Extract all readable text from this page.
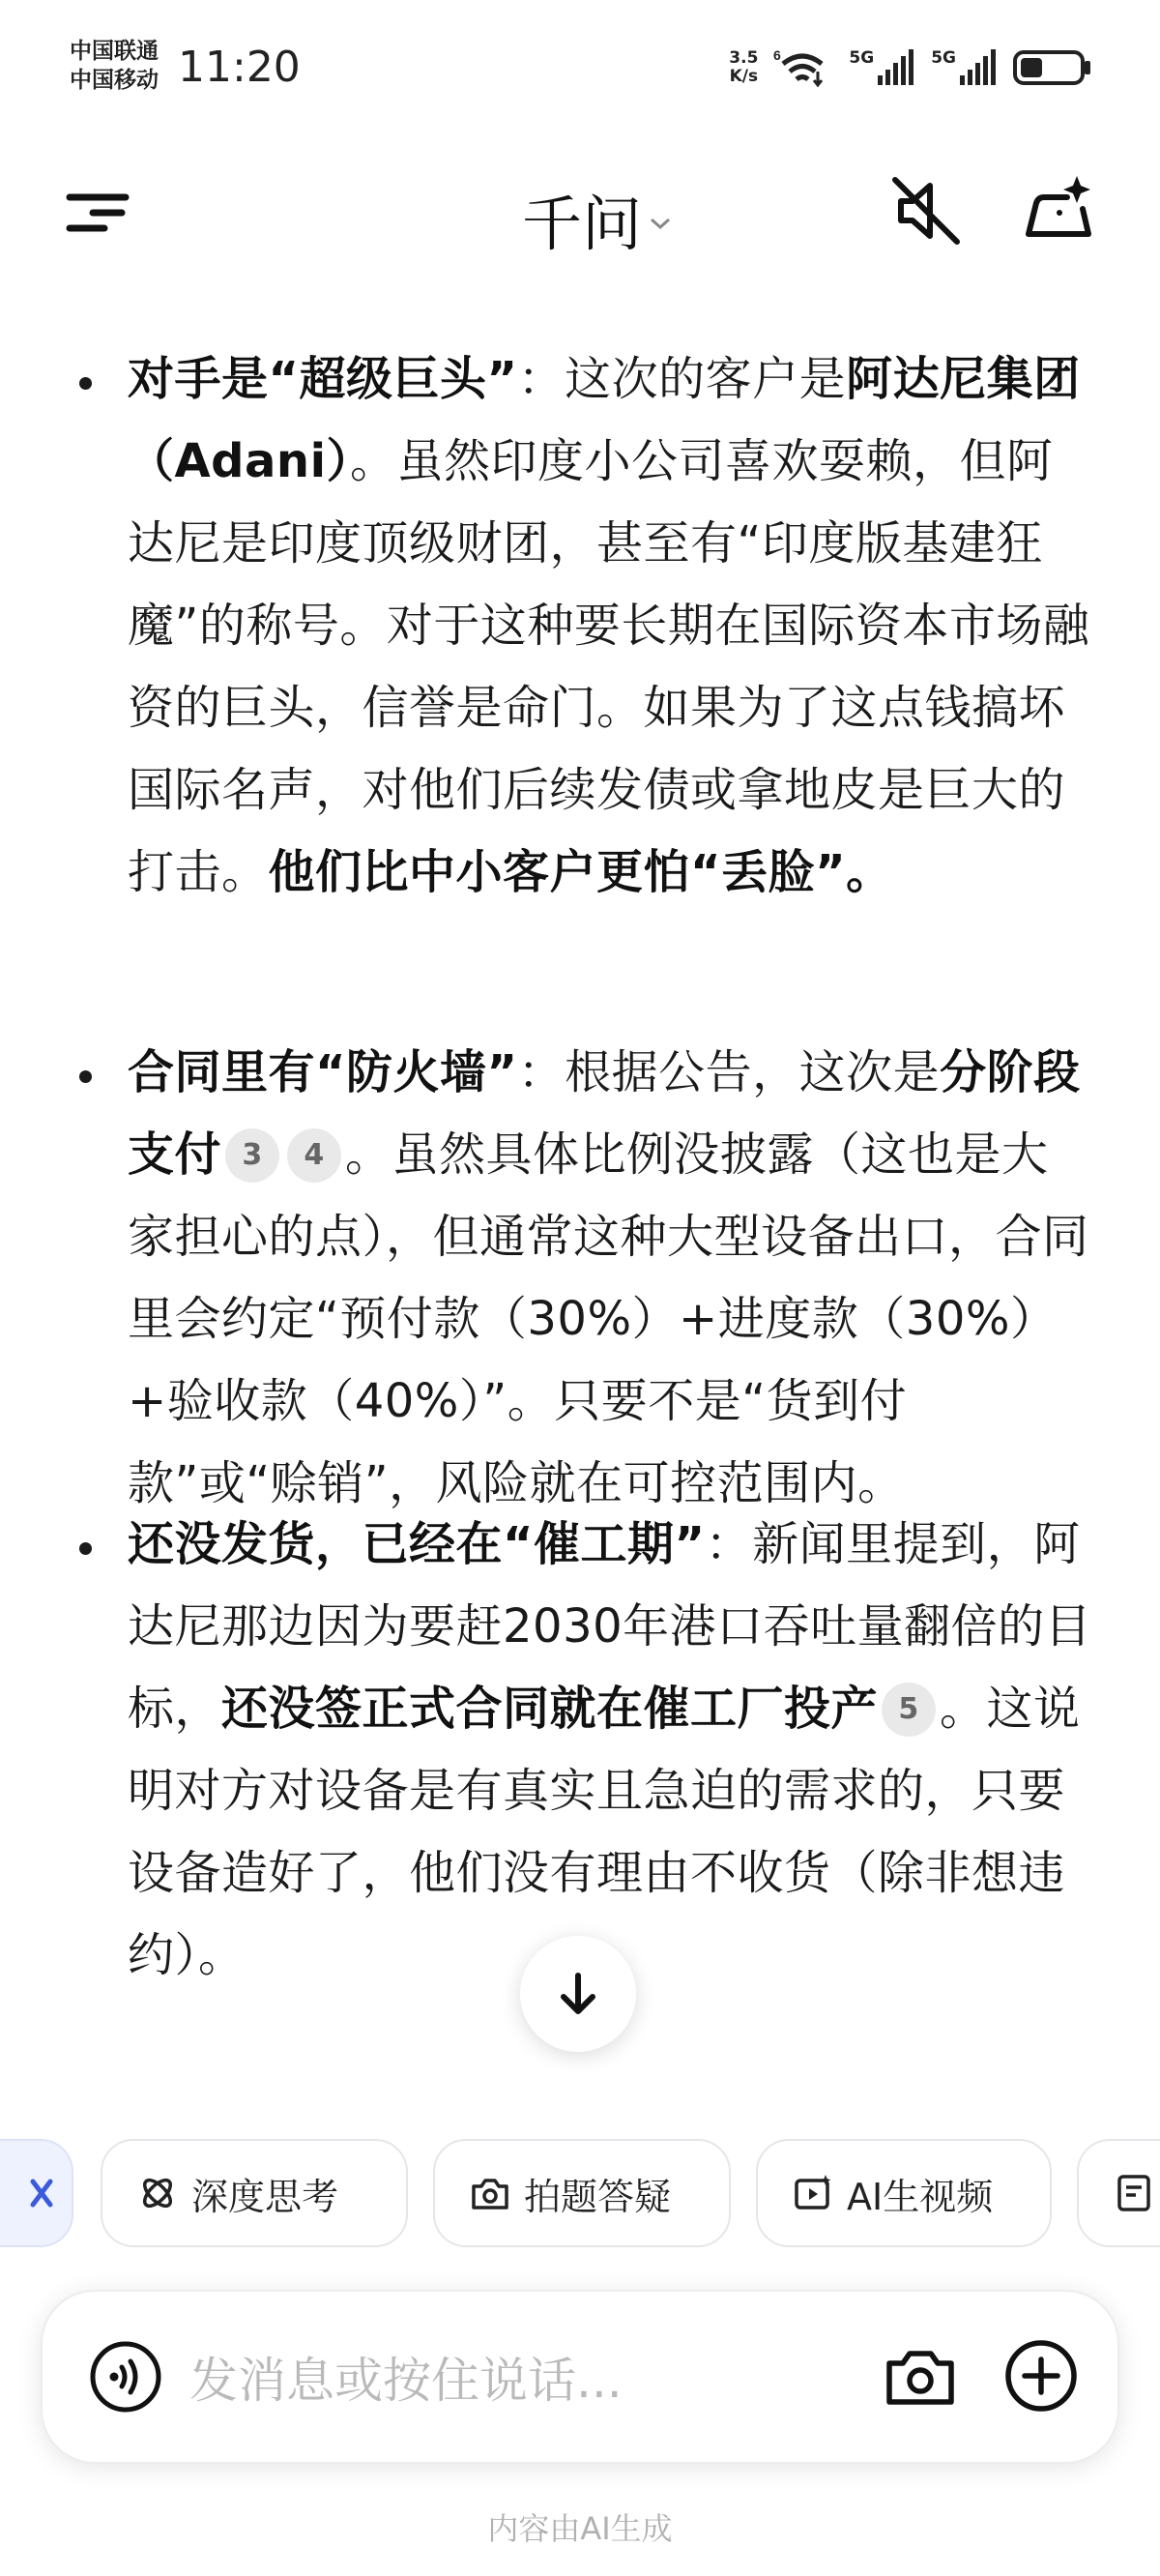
中国联通
中国移动 11:20	3.5
K/s
6	5G	5G
千问
对手是“超级巨头”：这次的客户是阿达尼集团（Adani）。虽然印度小公司喜欢耍赖，但阿达尼是印度顶级财团，甚至有“印度版基建狂魔”的称号。对于这种要长期在国际资本市场融资的巨头，信誉是命门。如果为了这点钱搞坏国际名声，对他们后续发债或拿地皮是巨大的打击。他们比中小客户更怕“丢脸”。
合同里有“防火墙”：根据公告，这次是分阶段支付 3 4 。虽然具体比例没披露（这也是大家担心的点），但通常这种大型设备出口，合同里会约定“预付款（30%）+进度款（30%）+验收款（40%）”。只要不是“货到付款”或“赊销”，风险就在可控范围内。
还没发货，已经在“催工期”：新闻里提到，阿达尼那边因为要赶2030年港口吞吐量翻倍的目标，还没签正式合同就在催工厂投产 5 。这说明对方对设备是有真实且急迫的需求的，只要设备造好了，他们没有理由不收货（除非想违约）。
深度思考	拍题答疑	AI生视频
发消息或按住说话...
内容由AI生成
